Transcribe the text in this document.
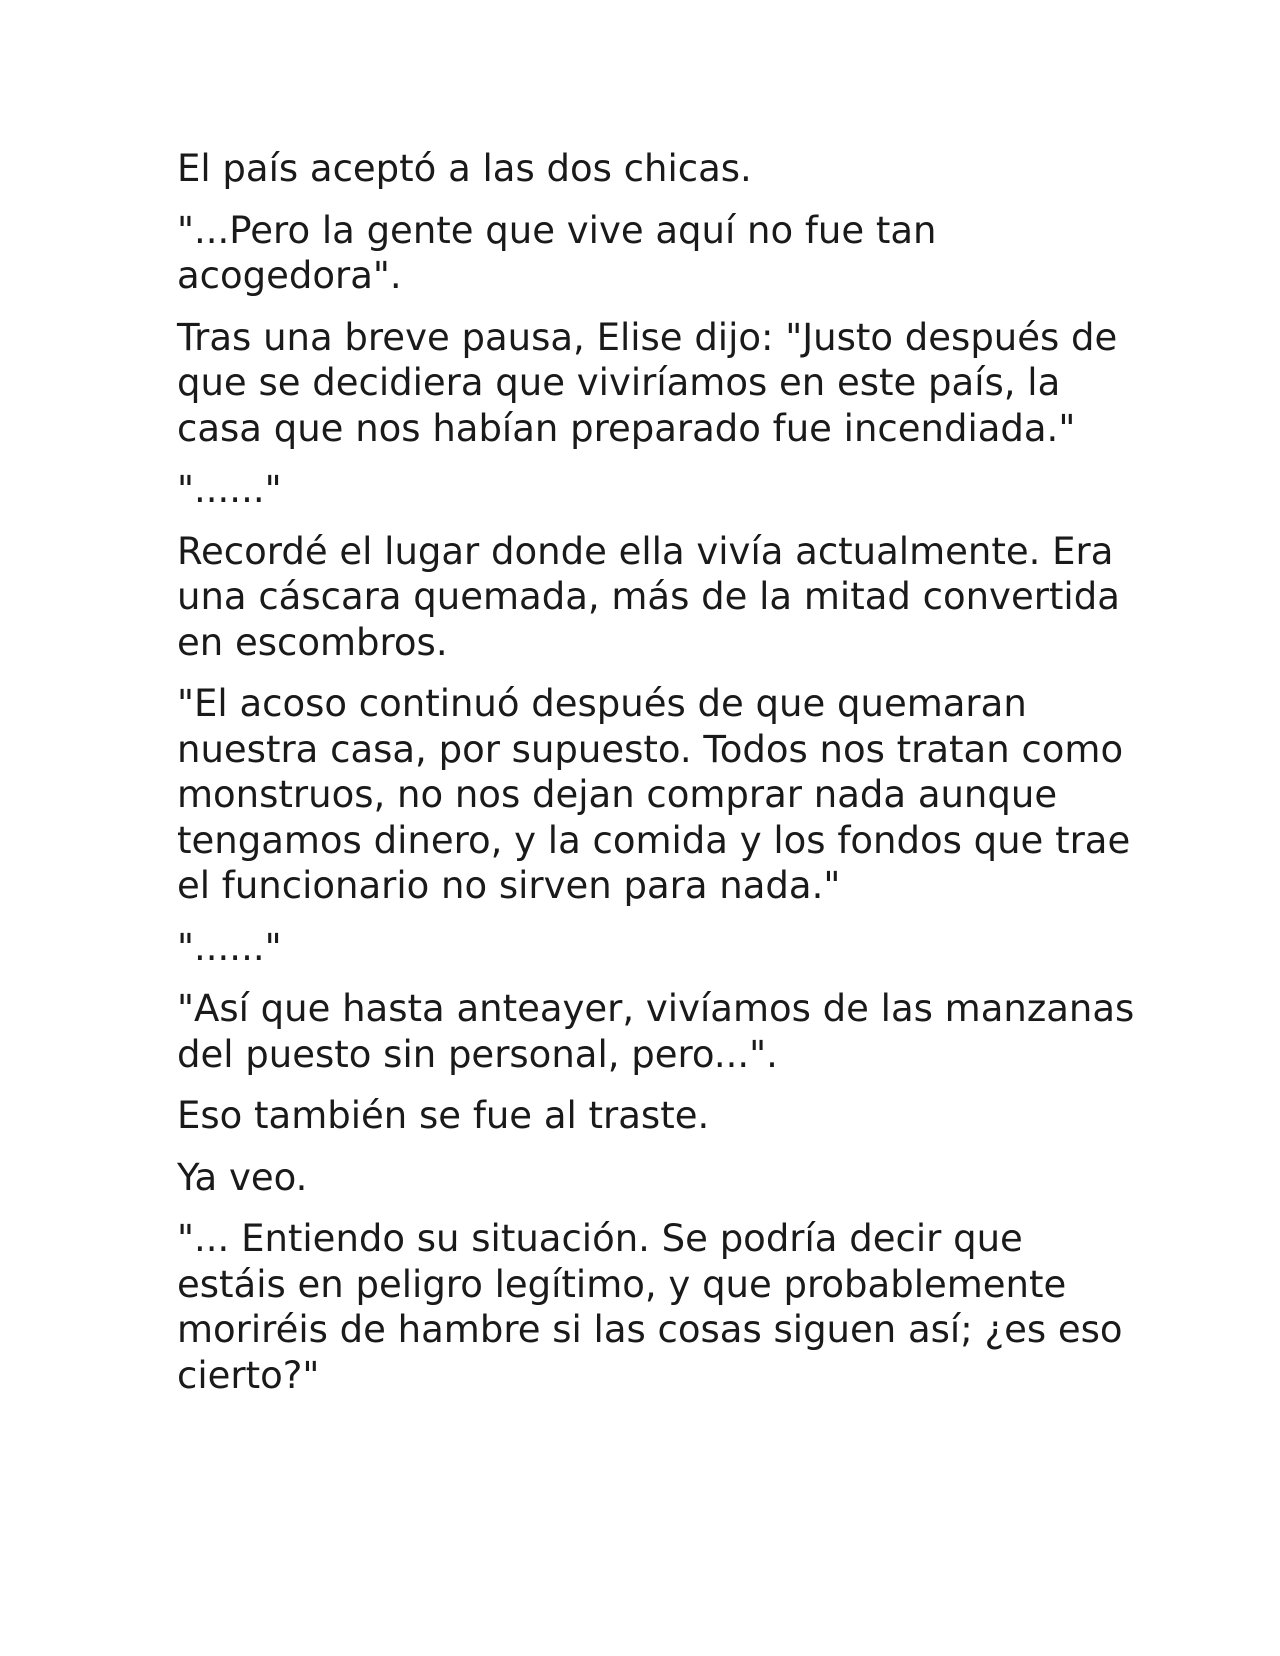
El país aceptó a las dos chicas.

"...Pero la gente que vive aquí no fue tan acogedora".

Tras una breve pausa, Elise dijo: "Justo después de que se decidiera que viviríamos en este país, la casa que nos habían preparado fue incendiada."

"......"

Recordé el lugar donde ella vivía actualmente. Era una cáscara quemada, más de la mitad convertida en escombros.

"El acoso continuó después de que quemaran nuestra casa, por supuesto. Todos nos tratan como monstruos, no nos dejan comprar nada aunque tengamos dinero, y la comida y los fondos que trae el funcionario no sirven para nada."

"......"

"Así que hasta anteayer, vivíamos de las manzanas del puesto sin personal, pero...".

Eso también se fue al traste.

Ya veo.

"... Entiendo su situación. Se podría decir que estáis en peligro legítimo, y que probablemente moriréis de hambre si las cosas siguen así; ¿es eso cierto?"
